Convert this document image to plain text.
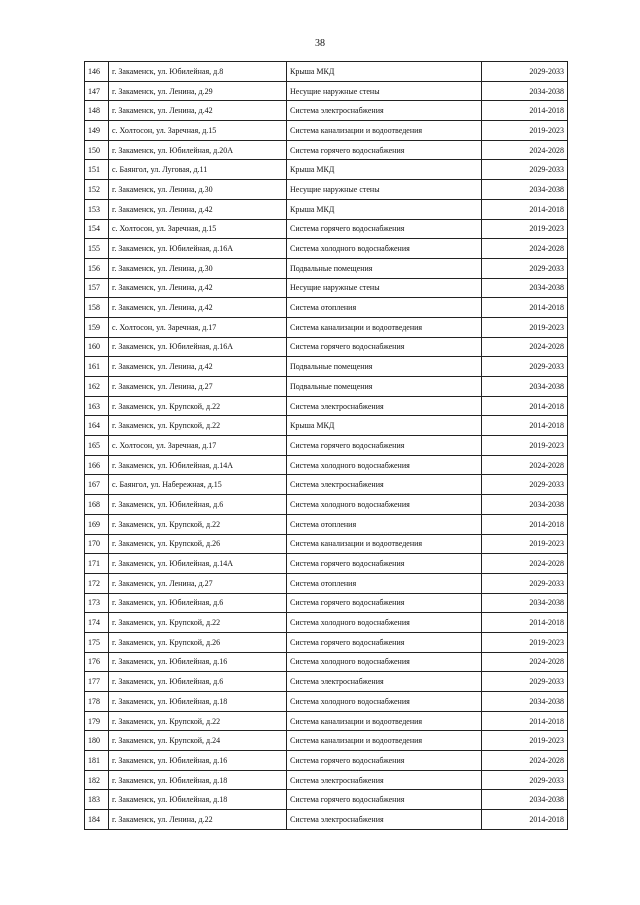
38
146	г. Закаменск, ул. Юбилейная, д.8	Крыша МКД	2029-2033
147	г. Закаменск, ул. Ленина, д.29	Несущие наружные стены	2034-2038
148	г. Закаменск, ул. Ленина, д.42	Система электроснабжения	2014-2018
149	с. Холтосон, ул. Заречная, д.15	Система канализации и водоотведения	2019-2023
150	г. Закаменск, ул. Юбилейная, д.20А	Система горячего водоснабжения	2024-2028
151	с. Баянгол, ул. Луговая, д.11	Крыша МКД	2029-2033
152	г. Закаменск, ул. Ленина, д.30	Несущие наружные стены	2034-2038
153	г. Закаменск, ул. Ленина, д.42	Крыша МКД	2014-2018
154	с. Холтосон, ул. Заречная, д.15	Система горячего водоснабжения	2019-2023
155	г. Закаменск, ул. Юбилейная, д.16А	Система холодного водоснабжения	2024-2028
156	г. Закаменск, ул. Ленина, д.30	Подвальные помещения	2029-2033
157	г. Закаменск, ул. Ленина, д.42	Несущие наружные стены	2034-2038
158	г. Закаменск, ул. Ленина, д.42	Система отопления	2014-2018
159	с. Холтосон, ул. Заречная, д.17	Система канализации и водоотведения	2019-2023
160	г. Закаменск, ул. Юбилейная, д.16А	Система горячего водоснабжения	2024-2028
161	г. Закаменск, ул. Ленина, д.42	Подвальные помещения	2029-2033
162	г. Закаменск, ул. Ленина, д.27	Подвальные помещения	2034-2038
163	г. Закаменск, ул. Крупской, д.22	Система электроснабжения	2014-2018
164	г. Закаменск, ул. Крупской, д.22	Крыша МКД	2014-2018
165	с. Холтосон, ул. Заречная, д.17	Система горячего водоснабжения	2019-2023
166	г. Закаменск, ул. Юбилейная, д.14А	Система холодного водоснабжения	2024-2028
167	с. Баянгол, ул. Набережная, д.15	Система электроснабжения	2029-2033
168	г. Закаменск, ул. Юбилейная, д.6	Система холодного водоснабжения	2034-2038
169	г. Закаменск, ул. Крупской, д.22	Система отопления	2014-2018
170	г. Закаменск, ул. Крупской, д.26	Система канализации и водоотведения	2019-2023
171	г. Закаменск, ул. Юбилейная, д.14А	Система горячего водоснабжения	2024-2028
172	г. Закаменск, ул. Ленина, д.27	Система отопления	2029-2033
173	г. Закаменск, ул. Юбилейная, д.6	Система горячего водоснабжения	2034-2038
174	г. Закаменск, ул. Крупской, д.22	Система холодного водоснабжения	2014-2018
175	г. Закаменск, ул. Крупской, д.26	Система горячего водоснабжения	2019-2023
176	г. Закаменск, ул. Юбилейная, д.16	Система холодного водоснабжения	2024-2028
177	г. Закаменск, ул. Юбилейная, д.6	Система электроснабжения	2029-2033
178	г. Закаменск, ул. Юбилейная, д.18	Система холодного водоснабжения	2034-2038
179	г. Закаменск, ул. Крупской, д.22	Система канализации и водоотведения	2014-2018
180	г. Закаменск, ул. Крупской, д.24	Система канализации и водоотведения	2019-2023
181	г. Закаменск, ул. Юбилейная, д.16	Система горячего водоснабжения	2024-2028
182	г. Закаменск, ул. Юбилейная, д.18	Система электроснабжения	2029-2033
183	г. Закаменск, ул. Юбилейная, д.18	Система горячего водоснабжения	2034-2038
184	г. Закаменск, ул. Ленина, д.22	Система электроснабжения	2014-2018
